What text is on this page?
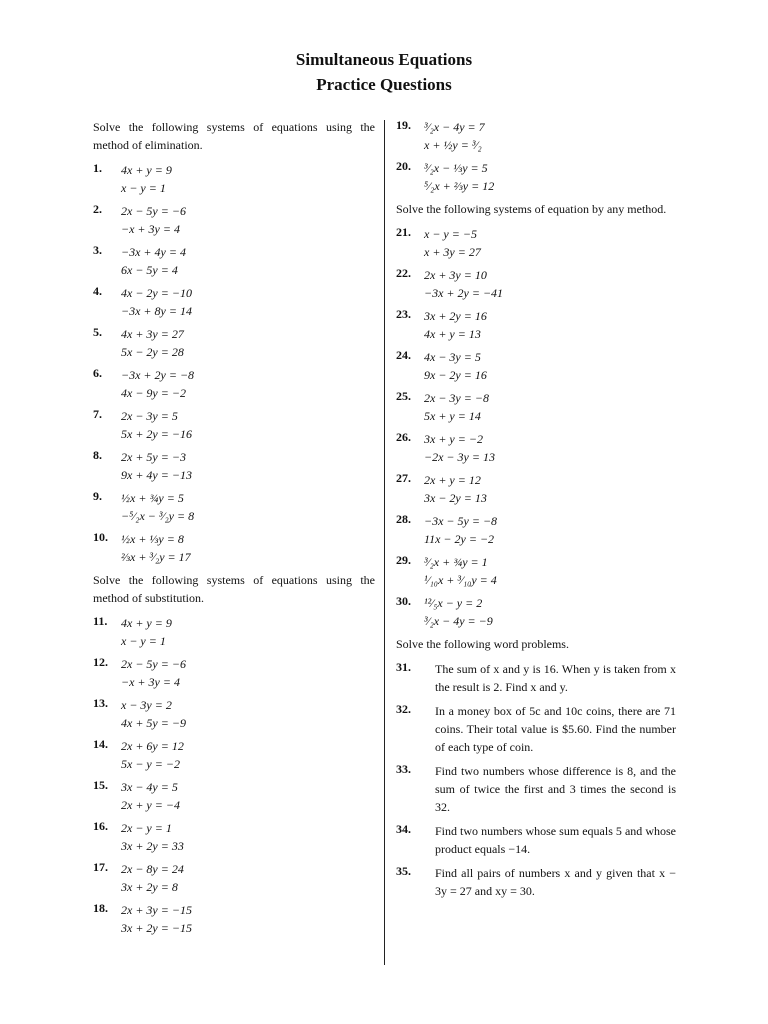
Simultaneous Equations
Practice Questions
Solve the following systems of equations using the method of elimination.
1.	4x + y = 9
x − y = 1
2.	2x − 5y = −6
−x + 3y = 4
3.	−3x + 4y = 4
6x − 5y = 4
4.	4x − 2y = −10
−3x + 8y = 14
5.	4x + 3y = 27
5x − 2y = 28
6.	−3x + 2y = −8
4x − 9y = −2
7.	2x − 3y = 5
5x + 2y = −16
8.	2x + 5y = −3
9x + 4y = −13
9.	½x + ¾y = 5
−⁵⁄₂x − ³⁄₂y = 8
10.	½x + ⅓y = 8
⅔x + ³⁄₂y = 17
Solve the following systems of equations using the method of substitution.
11.	4x + y = 9
x − y = 1
12.	2x − 5y = −6
−x + 3y = 4
13.	x − 3y = 2
4x + 5y = −9
14.	2x + 6y = 12
5x − y = −2
15.	3x − 4y = 5
2x + y = −4
16.	2x − y = 1
3x + 2y = 33
17.	2x − 8y = 24
3x + 2y = 8
18.	2x + 3y = −15
3x + 2y = −15
19.	³⁄₂x − 4y = 7
x + ½y = ³⁄₂
20.	³⁄₂x − ⅓y = 5
⁵⁄₂x + ⅔y = 12
Solve the following systems of equation by any method.
21.	x − y = −5
x + 3y = 27
22.	2x + 3y = 10
−3x + 2y = −41
23.	3x + 2y = 16
4x + y = 13
24.	4x − 3y = 5
9x − 2y = 16
25.	2x − 3y = −8
5x + y = 14
26.	3x + y = −2
−2x − 3y = 13
27.	2x + y = 12
3x − 2y = 13
28.	−3x − 5y = −8
11x − 2y = −2
29.	³⁄₂x + ¾y = 1
¹⁄₁₀x + ³⁄₁₀y = 4
30.	¹²⁄₅x − y = 2
³⁄₂x − 4y = −9
Solve the following word problems.
31.	The sum of x and y is 16. When y is taken from x the result is 2. Find x and y.
32.	In a money box of 5c and 10c coins, there are 71 coins. Their total value is $5.60. Find the number of each type of coin.
33.	Find two numbers whose difference is 8, and the sum of twice the first and 3 times the second is 32.
34.	Find two numbers whose sum equals 5 and whose product equals −14.
35.	Find all pairs of numbers x and y given that x − 3y = 27 and xy = 30.
